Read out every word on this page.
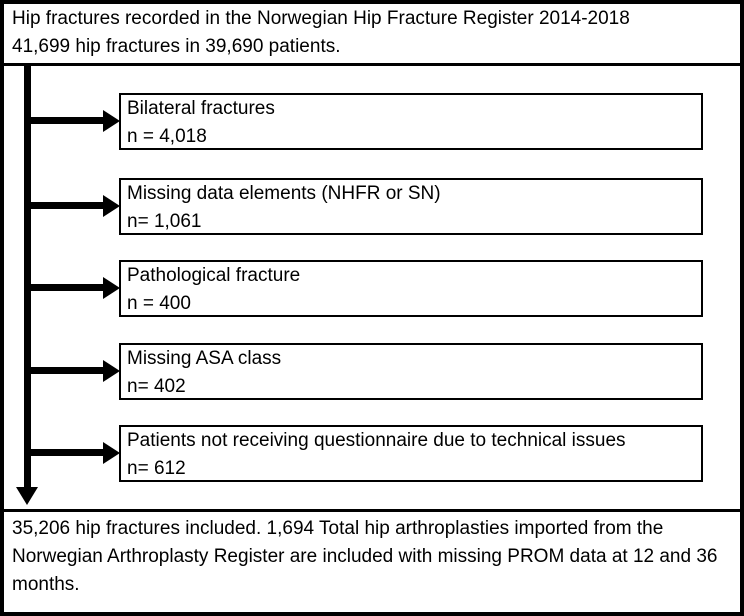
Hip fractures recorded in the Norwegian Hip Fracture Register 2014-2018
41,699 hip fractures in 39,690 patients.
Bilateral fractures
n = 4,018
Missing data elements (NHFR or SN)
n= 1,061
Pathological fracture
n = 400
Missing ASA class
n= 402
Patients not receiving questionnaire due to technical issues
n= 612
35,206 hip fractures included. 1,694 Total hip arthroplasties imported from the Norwegian Arthroplasty Register are included with missing PROM data at 12 and 36 months.
